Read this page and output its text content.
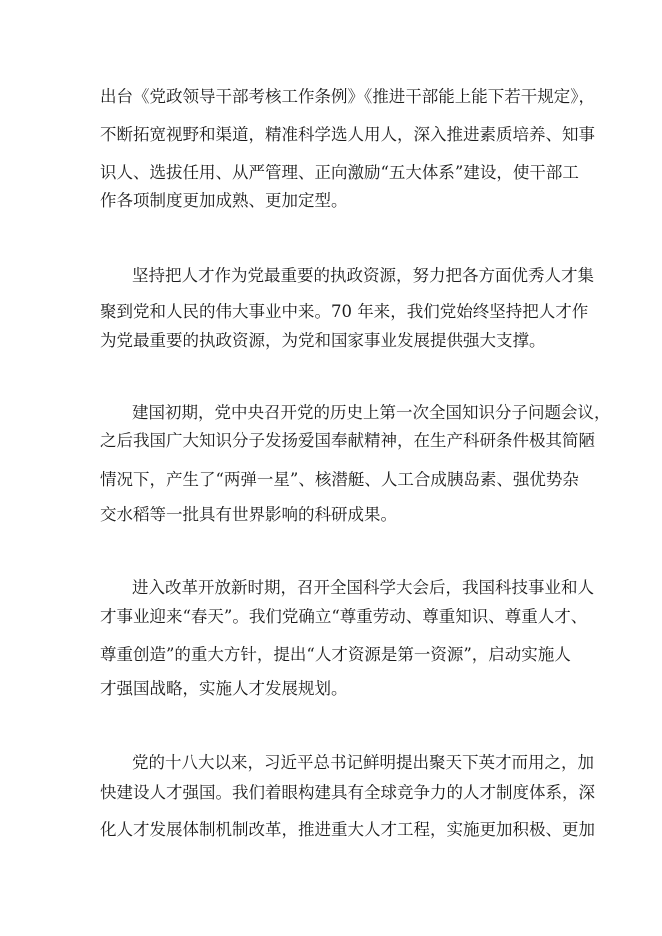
出台《党政领导干部考核工作条例》《推进干部能上能下若干规定》，
不断拓宽视野和渠道，精准科学选人用人，深入推进素质培养、知事
识人、选拔任用、从严管理、正向激励“五大体系”建设，使干部工
作各项制度更加成熟、更加定型。
坚持把人才作为党最重要的执政资源，努力把各方面优秀人才集
聚到党和人民的伟大事业中来。70 年来，我们党始终坚持把人才作
为党最重要的执政资源，为党和国家事业发展提供强大支撑。
建国初期，党中央召开党的历史上第一次全国知识分子问题会议，
之后我国广大知识分子发扬爱国奉献精神，在生产科研条件极其简陋
情况下，产生了“两弹一星”、核潜艇、人工合成胰岛素、强优势杂
交水稻等一批具有世界影响的科研成果。
进入改革开放新时期，召开全国科学大会后，我国科技事业和人
才事业迎来“春天”。我们党确立“尊重劳动、尊重知识、尊重人才、
尊重创造”的重大方针，提出“人才资源是第一资源”，启动实施人
才强国战略，实施人才发展规划。
党的十八大以来，习近平总书记鲜明提出聚天下英才而用之，加
快建设人才强国。我们着眼构建具有全球竞争力的人才制度体系，深
化人才发展体制机制改革，推进重大人才工程，实施更加积极、更加
